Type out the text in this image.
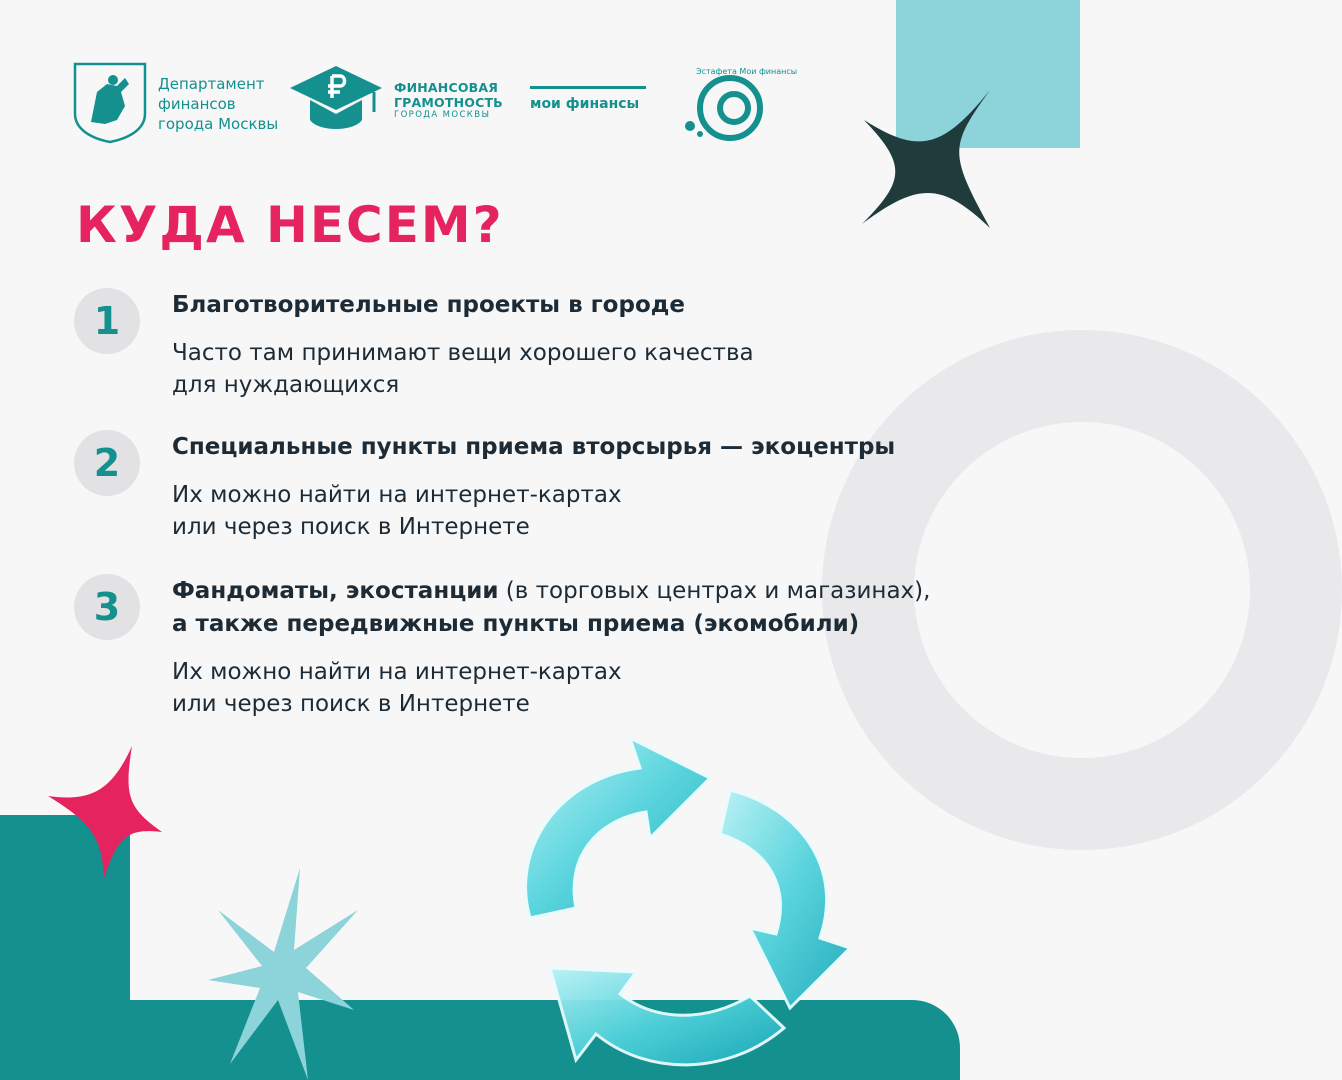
Департамент
финансов
города Москвы
ФИНАНСОВАЯ ГРАМОТНОСТЬ
ГОРОДА МОСКВЫ
мои финансы
Эстафета Мои финансы
КУДА НЕСЕМ?
1	Благотворительные проекты в городе
Часто там принимают вещи хорошего качества
для нуждающихся
2	Специальные пункты приема вторсырья — экоцентры
Их можно найти на интернет-картах
или через поиск в Интернете
3	Фандоматы, экостанции (в торговых центрах и магазинах),
а также передвижные пункты приема (экомобили)
Их можно найти на интернет-картах
или через поиск в Интернете
